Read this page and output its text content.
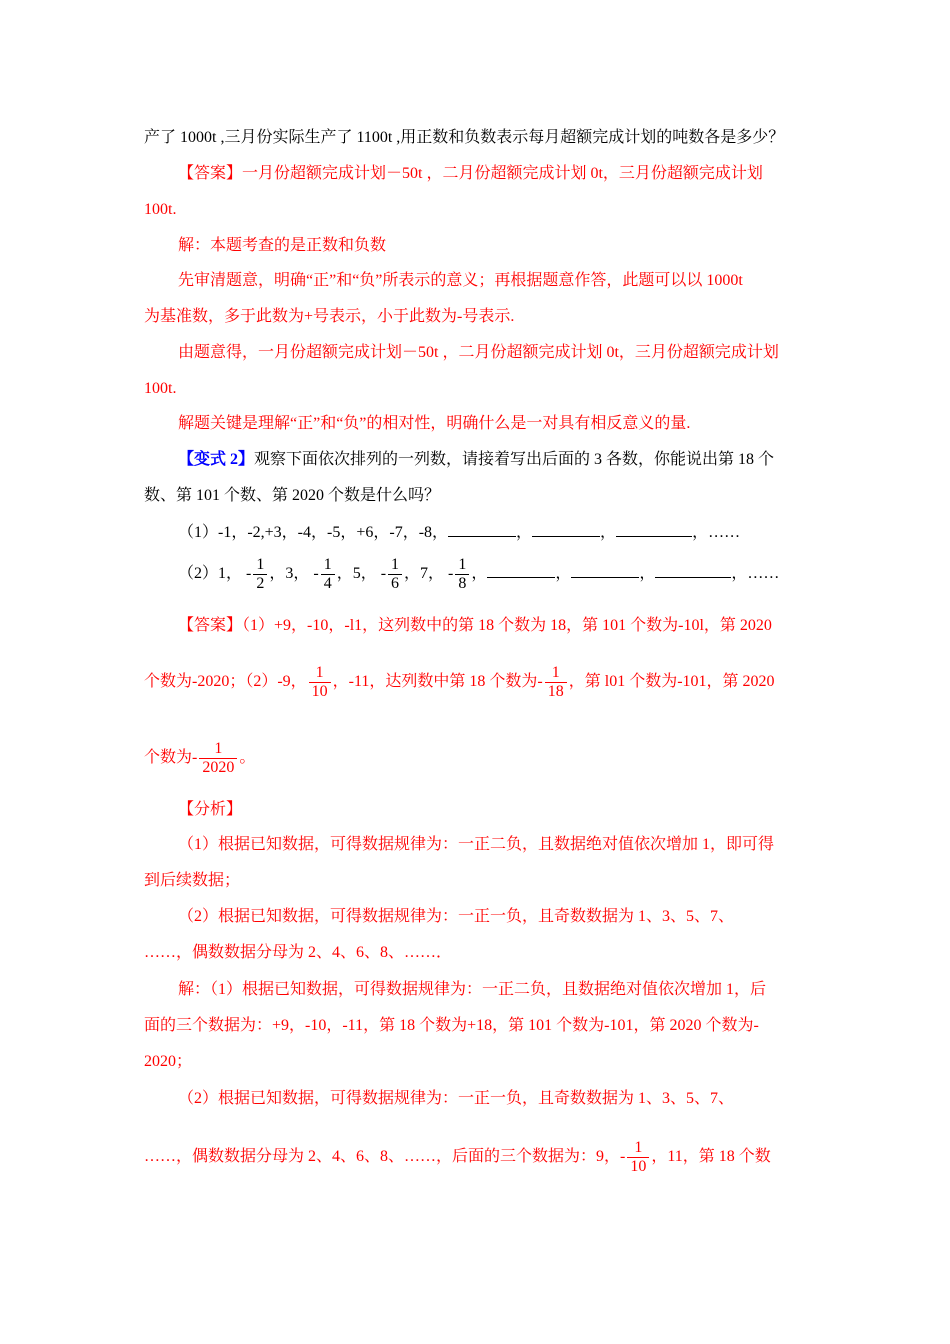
产了 1000t ,三月份实际生产了 1100t ,用正数和负数表示每月超额完成计划的吨数各是多少？
【答案】一月份超额完成计划－50t ，二月份超额完成计划 0t，三月份超额完成计划
100t.
解：本题考查的是正数和负数
先审清题意，明确“正”和“负”所表示的意义；再根据题意作答，此题可以以 1000t
为基准数，多于此数为+号表示，小于此数为-号表示.
由题意得，一月份超额完成计划－50t ，二月份超额完成计划 0t，三月份超额完成计划
100t.
解题关键是理解“正”和“负”的相对性，明确什么是一对具有相反意义的量.
【变式 2】观察下面依次排列的一列数，请接着写出后面的 3 各数，你能说出第 18 个
数、第 101 个数、第 2020 个数是什么吗？
（1）-1，-2,+3，-4，-5，+6，-7，-8，	，	，	，……
（2）1， - $\frac{1}{2}$ ，3， - $\frac{1}{4}$ ，5， - $\frac{1}{6}$ ，7， - $\frac{1}{8}$ ，	，	，	，……
【答案】（1）+9，-10，-l1，这列数中的第 18 个数为 18，第 101 个数为-10l，第 2020
个数为-2020；（2）-9， $\frac{1}{10}$ ，-11，达列数中第 18 个数为- $\frac{1}{18}$ ，第 l01 个数为-101，第 2020
个数为- $\frac{1}{2020}$ 。
【分析】
（1）根据已知数据，可得数据规律为：一正二负，且数据绝对值依次增加 1，即可得
到后续数据；
（2）根据已知数据，可得数据规律为：一正一负，且奇数数据为 1、3、5、7、
……，偶数数据分母为 2、4、6、8、……．
解：（1）根据已知数据，可得数据规律为：一正二负，且数据绝对值依次增加 1，后
面的三个数据为：+9，-10，-11，第 18 个数为+18，第 101 个数为-101，第 2020 个数为-
2020；
（2）根据已知数据，可得数据规律为：一正一负，且奇数数据为 1、3、5、7、
……，偶数数据分母为 2、4、6、8、……，后面的三个数据为：9，- $\frac{1}{10}$ ，11，第 18 个数
